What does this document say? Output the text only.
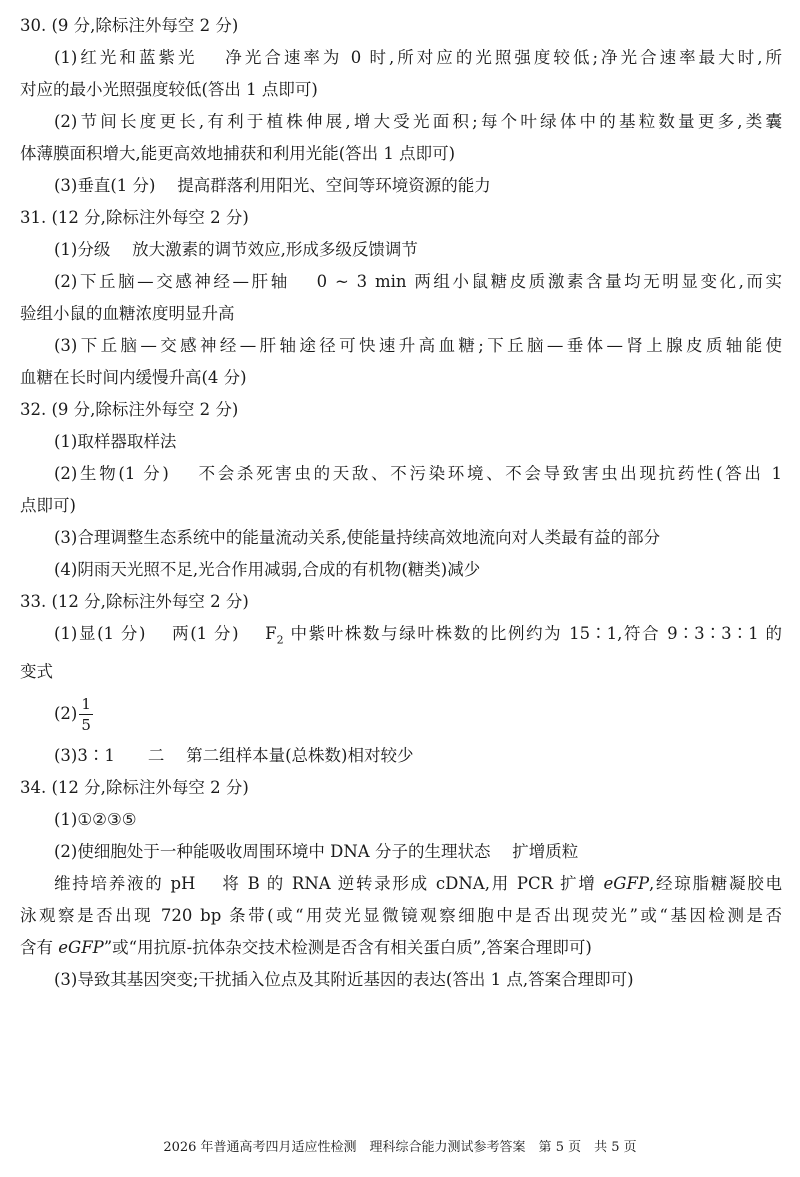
30. (9 分,除标注外每空 2 分)
(1)红光和蓝紫光　 净光合速率为 0 时,所对应的光照强度较低;净光合速率最大时,所
对应的最小光照强度较低(答出 1 点即可)
(2)节间长度更长,有利于植株伸展,增大受光面积;每个叶绿体中的基粒数量更多,类囊
体薄膜面积增大,能更高效地捕获和利用光能(答出 1 点即可)
(3)垂直(1 分)　 提高群落利用阳光、空间等环境资源的能力
31. (12 分,除标注外每空 2 分)
(1)分级　 放大激素的调节效应,形成多级反馈调节
(2)下丘脑—交感神经—肝轴　 0 ~ 3 min 两组小鼠糖皮质激素含量均无明显变化,而实
验组小鼠的血糖浓度明显升高
(3)下丘脑—交感神经—肝轴途径可快速升高血糖;下丘脑—垂体—肾上腺皮质轴能使
血糖在长时间内缓慢升高(4 分)
32. (9 分,除标注外每空 2 分)
(1)取样器取样法
(2)生物(1 分)　 不会杀死害虫的天敌、不污染环境、不会导致害虫出现抗药性(答出 1
点即可)
(3)合理调整生态系统中的能量流动关系,使能量持续高效地流向对人类最有益的部分
(4)阴雨天光照不足,光合作用减弱,合成的有机物(糖类)减少
33. (12 分,除标注外每空 2 分)
(1)显(1 分)　 两(1 分)　 $F_2$ 中紫叶株数与绿叶株数的比例约为 15∶1,符合 9∶3∶3∶1 的
变式
$(2) \frac{1}{5}$
(3)3∶1　　二　 第二组样本量(总株数)相对较少
34. (12 分,除标注外每空 2 分)
(1)①②③⑤
(2)使细胞处于一种能吸收周围环境中 DNA 分子的生理状态　 扩增质粒
维持培养液的 pH　 将 B 的 RNA 逆转录形成 cDNA,用 PCR 扩增 eGFP,经琼脂糖凝胶电
泳观察是否出现 720 bp 条带(或“用荧光显微镜观察细胞中是否出现荧光”或“基因检测是否
含有 eGFP”或“用抗原-抗体杂交技术检测是否含有相关蛋白质”,答案合理即可)
(3)导致其基因突变;干扰插入位点及其附近基因的表达(答出 1 点,答案合理即可)
2026 年普通高考四月适应性检测　理科综合能力测试参考答案　第 5 页　共 5 页
